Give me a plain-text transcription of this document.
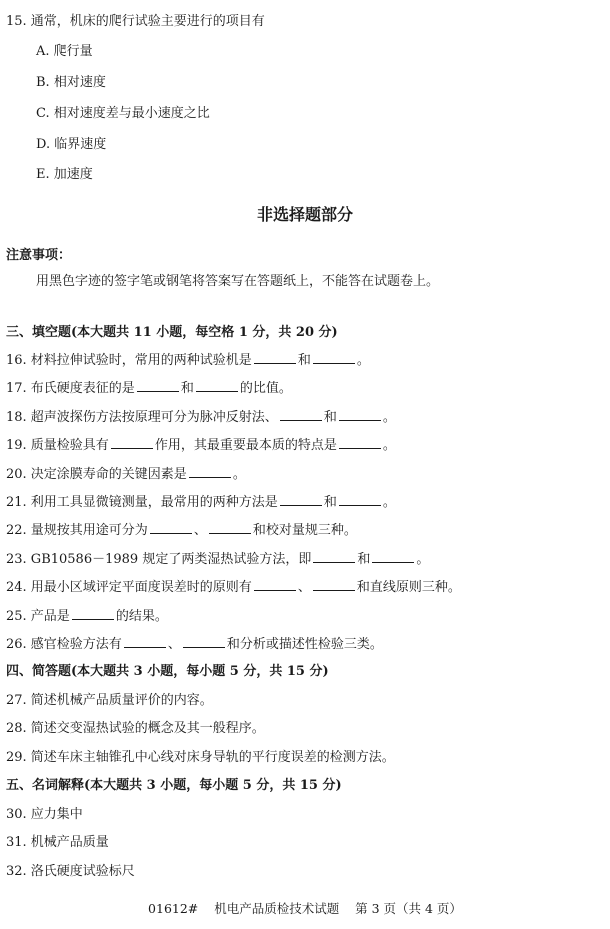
15. 通常，机床的爬行试验主要进行的项目有
A. 爬行量
B. 相对速度
C. 相对速度差与最小速度之比
D. 临界速度
E. 加速度
非选择题部分
注意事项：
用黑色字迹的签字笔或钢笔将答案写在答题纸上，不能答在试题卷上。
三、填空题(本大题共 11 小题，每空格 1 分，共 20 分)
16. 材料拉伸试验时，常用的两种试验机是	和	。
17. 布氏硬度表征的是	和	的比值。
18. 超声波探伤方法按原理可分为脉冲反射法、	和	。
19. 质量检验具有	作用，其最重要最本质的特点是	。
20. 决定涂膜寿命的关键因素是	。
21. 利用工具显微镜测量，最常用的两种方法是	和	。
22. 量规按其用途可分为	、	和校对量规三种。
23. GB10586－1989 规定了两类湿热试验方法，即	和	。
24. 用最小区域评定平面度误差时的原则有	、	和直线原则三种。
25. 产品是	的结果。
26. 感官检验方法有	、	和分析或描述性检验三类。
四、简答题(本大题共 3 小题，每小题 5 分，共 15 分)
27. 简述机械产品质量评价的内容。
28. 简述交变湿热试验的概念及其一般程序。
29. 简述车床主轴锥孔中心线对床身导轨的平行度误差的检测方法。
五、名词解释(本大题共 3 小题，每小题 5 分，共 15 分)
30. 应力集中
31. 机械产品质量
32. 洛氏硬度试验标尺
01612# 机电产品质检技术试题 第 3 页（共 4 页）
